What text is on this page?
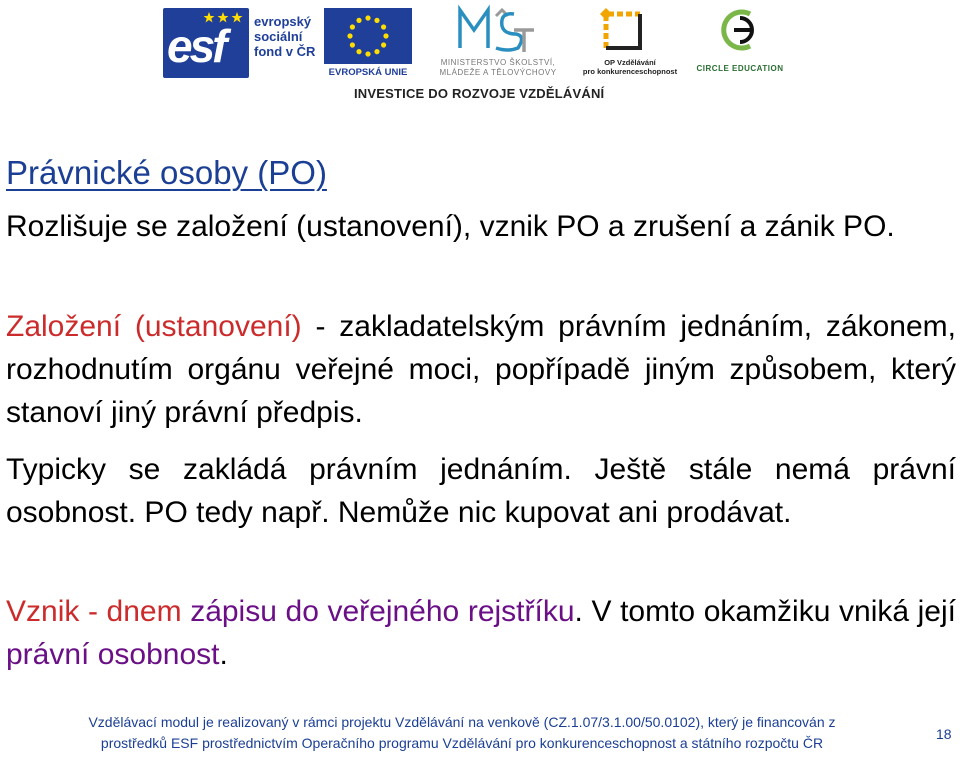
esf evropský
sociální
fond v ČR
EVROPSKÁ UNIE
MINISTERSTVO ŠKOLSTVÍ,
MLÁDEŽE A TĚLOVÝCHOVY
OP Vzdělávání
pro konkurenceschopnost	CIRCLE EDUCATION
INVESTICE DO ROZVOJE VZDĚLÁVÁNÍ
Právnické osoby (PO)

Rozlišuje se založení (ustanovení), vznik PO a zrušení a zánik PO.

Založení (ustanovení) - zakladatelským právním jednáním, zákonem, rozhodnutím orgánu veřejné moci, popřípadě jiným způsobem, který stanoví jiný právní předpis.

Typicky se zakládá právním jednáním. Ještě stále nemá právní osobnost. PO tedy např. Nemůže nic kupovat ani prodávat.

Vznik - dnem zápisu do veřejného rejstříku. V tomto okamžiku vniká její právní osobnost.

Vzdělávací modul je realizovaný v rámci projektu Vzdělávání na venkově (CZ.1.07/3.1.00/50.0102), který je financován z
prostředků ESF prostřednictvím Operačního programu Vzdělávání pro konkurenceschopnost a státního rozpočtu ČR
18
